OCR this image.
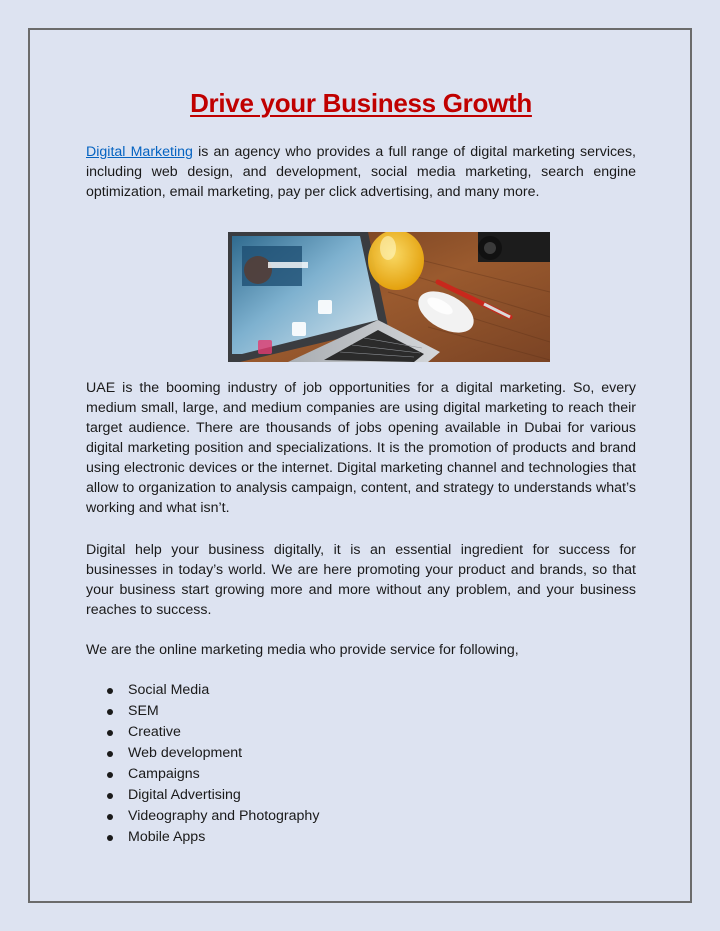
Drive your Business Growth

Digital Marketing is an agency who provides a full range of digital marketing services, including web design, and development, social media marketing, search engine optimization, email marketing, pay per click advertising, and many more.

UAE is the booming industry of job opportunities for a digital marketing. So, every medium small, large, and medium companies are using digital marketing to reach their target audience. There are thousands of jobs opening available in Dubai for various digital marketing position and specializations. It is the promotion of products and brand using electronic devices or the internet. Digital marketing channel and technologies that allow to organization to analysis campaign, content, and strategy to understands what’s working and what isn’t.

Digital help your business digitally, it is an essential ingredient for success for businesses in today’s world. We are here promoting your product and brands, so that your business start growing more and more without any problem, and your business reaches to success.

We are the online marketing media who provide service for following,

Social Media
SEM
Creative
Web development
Campaigns
Digital Advertising
Videography and Photography
Mobile Apps
